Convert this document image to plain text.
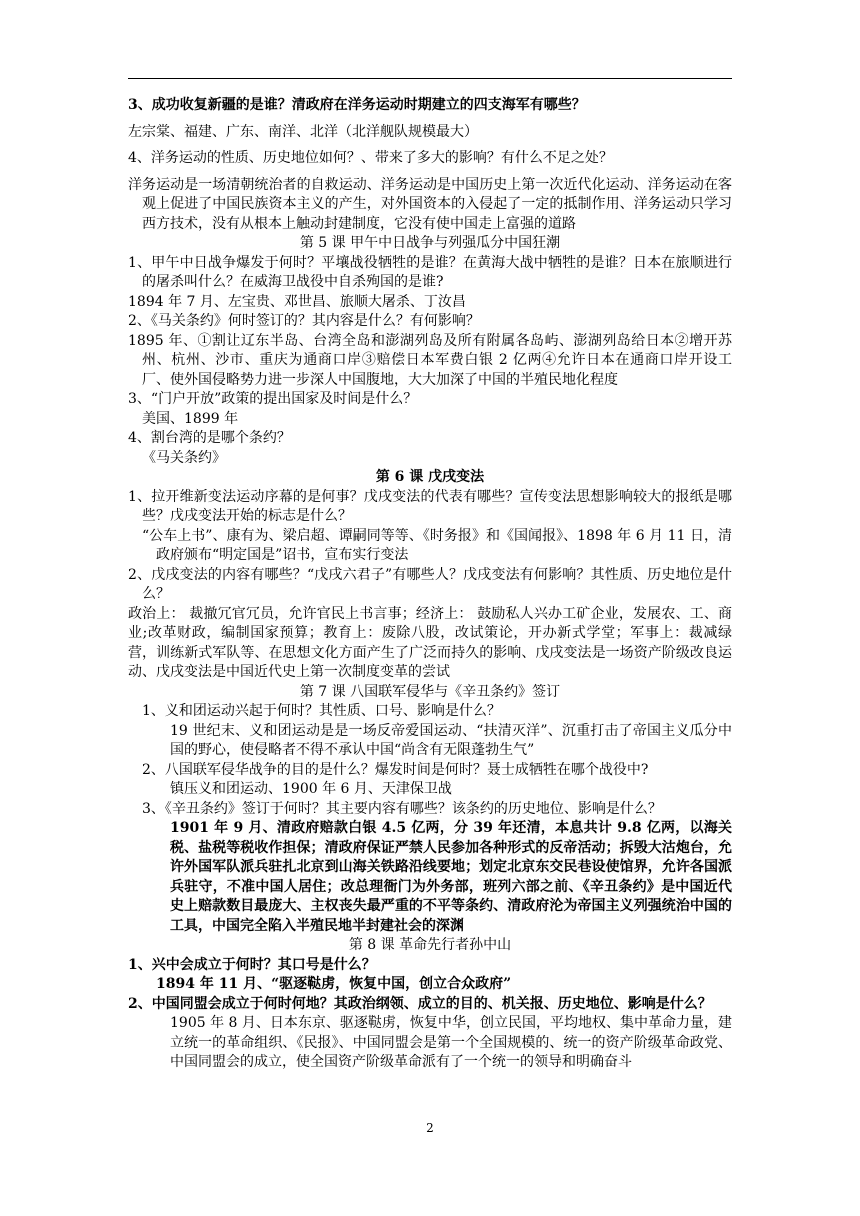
3、成功收复新疆的是谁？清政府在洋务运动时期建立的四支海军有哪些？

左宗棠、福建、广东、南洋、北洋（北洋舰队规模最大）

4、洋务运动的性质、历史地位如何？、带来了多大的影响？有什么不足之处？

洋务运动是一场清朝统治者的自救运动、洋务运动是中国历史上第一次近代化运动、洋务运动在客观上促进了中国民族资本主义的产生，对外国资本的入侵起了一定的抵制作用、洋务运动只学习西方技术，没有从根本上触动封建制度，它没有使中国走上富强的道路

第 5 课 甲午中日战争与列强瓜分中国狂潮

1、甲午中日战争爆发于何时？平壤战役牺牲的是谁？在黄海大战中牺牲的是谁？日本在旅顺进行的屠杀叫什么？在威海卫战役中自杀殉国的是谁?

1894 年 7 月、左宝贵、邓世昌、旅顺大屠杀、丁汝昌

2、《马关条约》何时签订的？其内容是什么？有何影响？

1895 年、①割让辽东半岛、台湾全岛和澎湖列岛及所有附属各岛屿、澎湖列岛给日本②增开苏州、杭州、沙市、重庆为通商口岸③赔偿日本军费白银 2 亿两④允许日本在通商口岸开设工厂、使外国侵略势力进一步深人中国腹地，大大加深了中国的半殖民地化程度

3、“门户开放”政策的提出国家及时间是什么？

美国、1899 年

4、割台湾的是哪个条约？

《马关条约》

第 6 课 戊戌变法

1、拉开维新变法运动序幕的是何事？戊戌变法的代表有哪些？宣传变法思想影响较大的报纸是哪些？戊戌变法开始的标志是什么？

“公车上书”、康有为、梁启超、谭嗣同等等、《时务报》和《国闻报》、1898 年 6 月 11 日，清政府颁布“明定国是”诏书，宣布实行变法

2、戊戌变法的内容有哪些？“戊戌六君子”有哪些人？戊戌变法有何影响？其性质、历史地位是什么？

政治上： 裁撤冗官冗员，允许官民上书言事；经济上： 鼓励私人兴办工矿企业，发展农、工、商业;改革财政，编制国家预算；教育上：废除八股，改试策论，开办新式学堂；军事上：裁减绿营，训练新式军队等、在思想文化方面产生了广泛而持久的影响、戊戌变法是一场资产阶级改良运动、戊戌变法是中国近代史上第一次制度变革的尝试

第 7 课 八国联军侵华与《辛丑条约》签订

1、义和团运动兴起于何时？其性质、口号、影响是什么？

19 世纪末、义和团运动是是一场反帝爱国运动、“扶清灭洋”、沉重打击了帝国主义瓜分中国的野心，使侵略者不得不承认中国“尚含有无限蓬勃生气”

2、八国联军侵华战争的目的是什么？爆发时间是何时？聂士成牺牲在哪个战役中?

镇压义和团运动、1900 年 6 月、天津保卫战

3、《辛丑条约》签订于何时？其主要内容有哪些？该条约的历史地位、影响是什么？

1901 年 9 月、清政府赔款白银 4.5 亿两，分 39 年还清，本息共计 9.8 亿两，以海关税、盐税等税收作担保；清政府保证严禁人民参加各种形式的反帝活动；拆毁大沽炮台，允许外国军队派兵驻扎北京到山海关铁路沿线要地；划定北京东交民巷设使馆界，允许各国派兵驻守，不准中国人居住；改总理衙门为外务部，班列六部之前、《辛丑条约》是中国近代史上赔款数目最庞大、主权丧失最严重的不平等条约、清政府沦为帝国主义列强统治中国的工具，中国完全陷入半殖民地半封建社会的深渊

第 8 课 革命先行者孙中山

1、兴中会成立于何时？其口号是什么？

1894 年 11 月、“驱逐鞑虏，恢复中国，创立合众政府”

2、中国同盟会成立于何时何地？其政治纲领、成立的目的、机关报、历史地位、影响是什么？

1905 年 8 月、日本东京、驱逐鞑虏，恢复中华，创立民国，平均地权、集中革命力量，建立统一的革命组织、《民报》、中国同盟会是第一个全国规模的、统一的资产阶级革命政党、中国同盟会的成立，使全国资产阶级革命派有了一个统一的领导和明确奋斗

2
